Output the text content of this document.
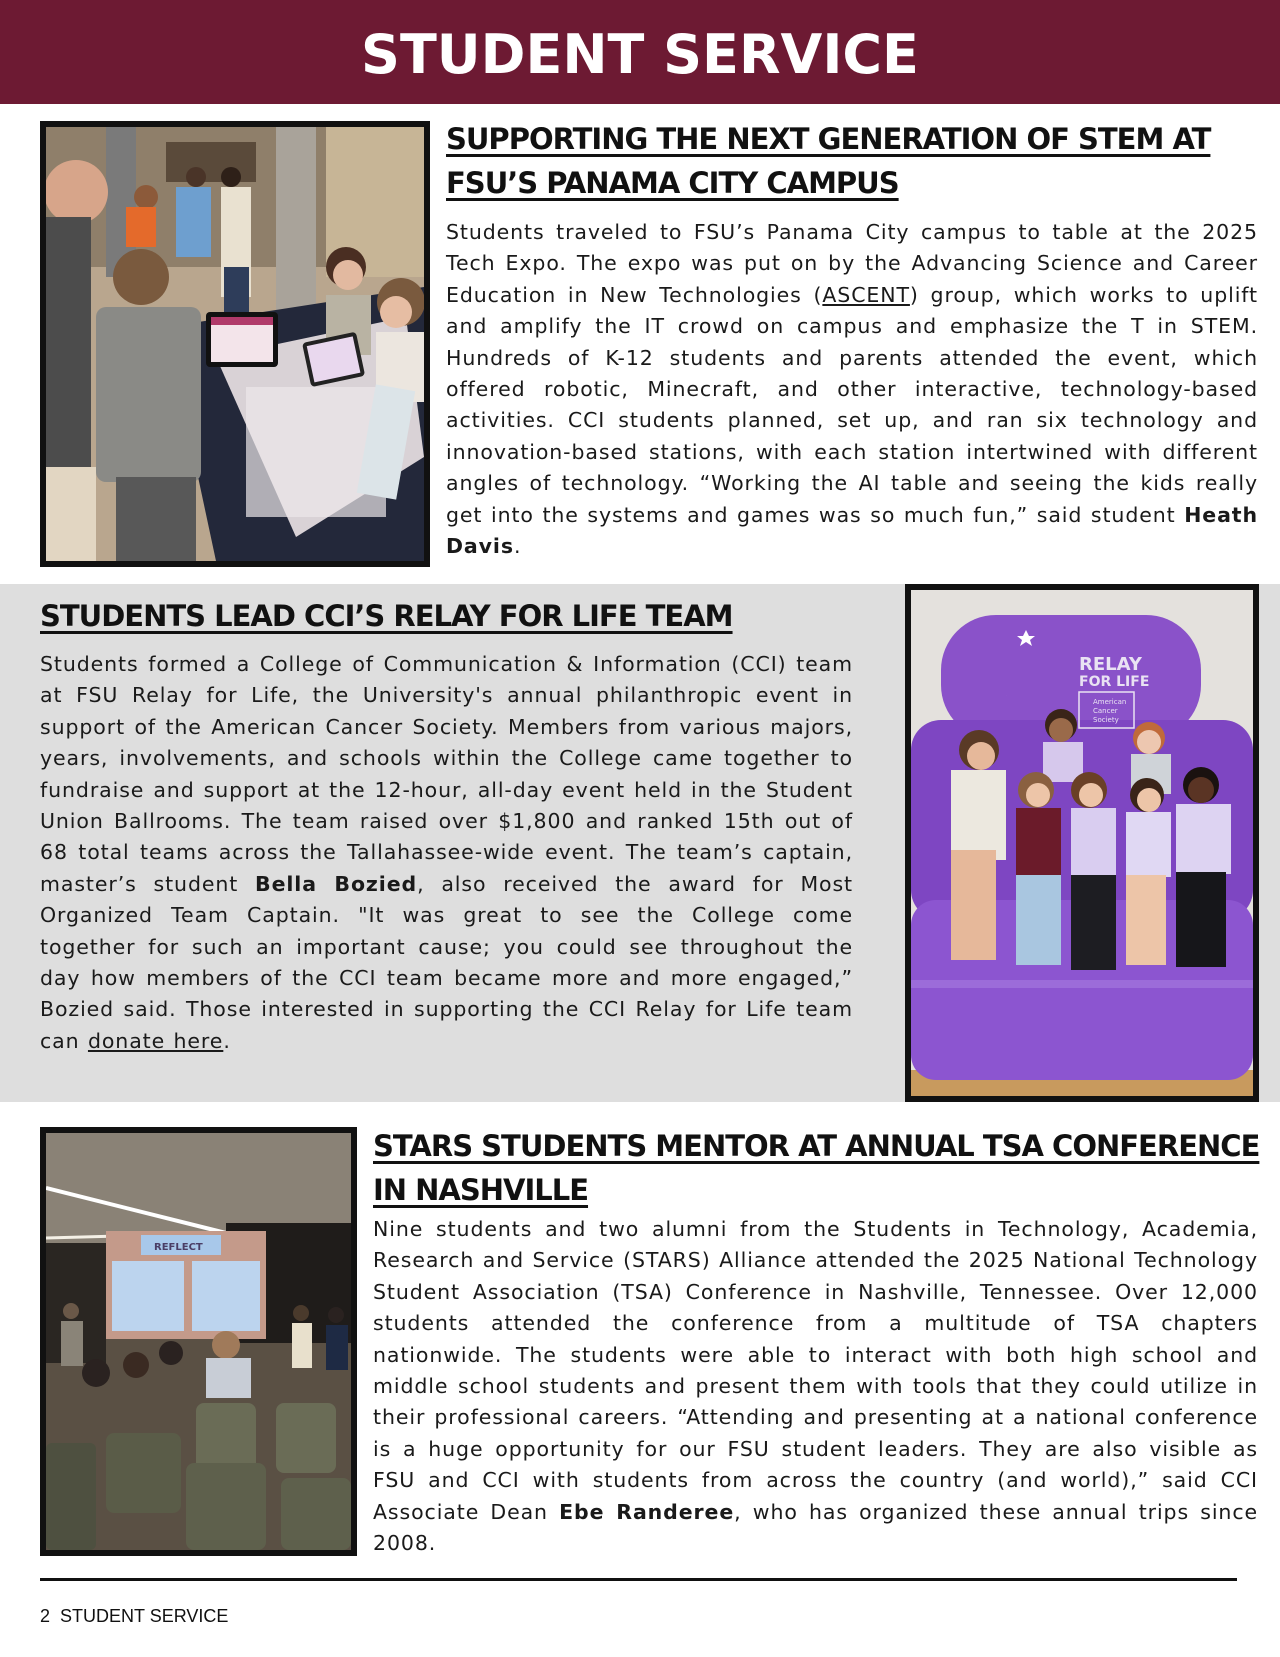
STUDENT SERVICE
SUPPORTING THE NEXT GENERATION OF STEM AT
FSU’S PANAMA CITY CAMPUS
Students traveled to FSU’s Panama City campus to table at the 2025 Tech Expo. The expo was put on by the Advancing Science and Career Education in New Technologies (ASCENT) group, which works to uplift and amplify the IT crowd on campus and emphasize the T in STEM. Hundreds of K-12 students and parents attended the event, which offered robotic, Minecraft, and other interactive, technology-based activities. CCI students planned, set up, and ran six technology and innovation-based stations, with each station intertwined with different angles of technology. “Working the AI table and seeing the kids really get into the systems and games was so much fun,” said student Heath Davis.
STUDENTS LEAD CCI’S RELAY FOR LIFE TEAM
Students formed a College of Communication & Information (CCI) team at FSU Relay for Life, the University's annual philanthropic event in support of the American Cancer Society. Members from various majors, years, involvements, and schools within the College came together to fundraise and support at the 12-hour, all-day event held in the Student Union Ballrooms. The team raised over $1,800 and ranked 15th out of 68 total teams across the Tallahassee-wide event. The team’s captain, master’s student Bella Bozied, also received the award for Most Organized Team Captain. "It was great to see the College come together for such an important cause; you could see throughout the day how members of the CCI team became more and more engaged,” Bozied said. Those interested in supporting the CCI Relay for Life team can donate here.
RELAY
FOR LIFE
American
Cancer
Society
REFLECT
STARS STUDENTS MENTOR AT ANNUAL TSA CONFERENCE
IN NASHVILLE
Nine students and two alumni from the Students in Technology, Academia, Research and Service (STARS) Alliance attended the 2025 National Technology Student Association (TSA) Conference in Nashville, Tennessee. Over 12,000 students attended the conference from a multitude of TSA chapters nationwide. The students were able to interact with both high school and middle school students and present them with tools that they could utilize in their professional careers. “Attending and presenting at a national conference is a huge opportunity for our FSU student leaders. They are also visible as FSU and CCI with students from across the country (and world),” said CCI Associate Dean Ebe Randeree, who has organized these annual trips since 2008.
2 STUDENT SERVICE
